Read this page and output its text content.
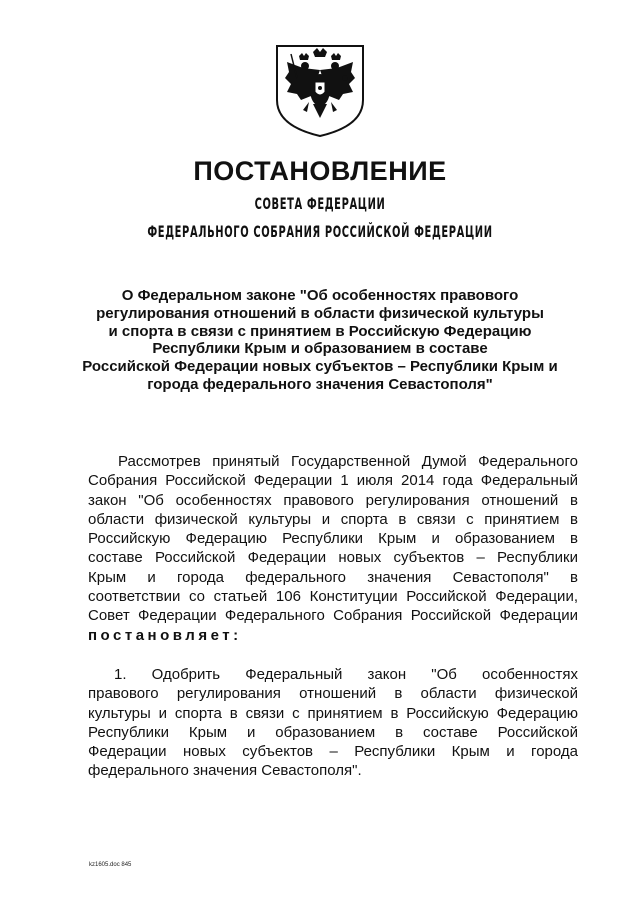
ПОСТАНОВЛЕНИЕ
СОВЕТА ФЕДЕРАЦИИ
ФЕДЕРАЛЬНОГО СОБРАНИЯ РОССИЙСКОЙ ФЕДЕРАЦИИ
О Федеральном законе "Об особенностях правового
регулирования отношений в области физической культуры
и спорта в связи с принятием в Российскую Федерацию
Республики Крым и образованием в составе
Российской Федерации новых субъектов – Республики Крым и
города федерального значения Севастополя"
Рассмотрев принятый Государственной Думой Федерального
Собрания Российской Федерации 1 июля 2014 года Федеральный
закон "Об особенностях правового регулирования отношений в
области физической культуры и спорта в связи с принятием в
Российскую Федерацию Республики Крым и образованием в
составе Российской Федерации новых субъектов – Республики
Крым и города федерального значения Севастополя" в
соответствии со статьей 106 Конституции Российской Федерации,
Совет Федерации Федерального Собрания Российской Федерации
постановляет:
1. Одобрить Федеральный закон "Об особенностях
правового регулирования отношений в области физической
культуры и спорта в связи с принятием в Российскую Федерацию
Республики Крым и образованием в составе Российской
Федерации новых субъектов – Республики Крым и города
федерального значения Севастополя".
kz1605.doc 845
